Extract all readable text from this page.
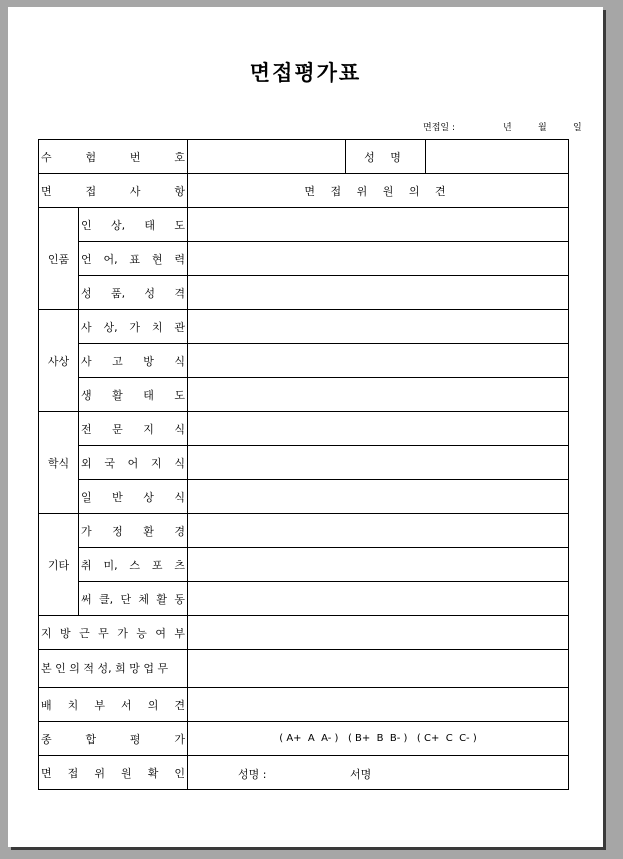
면접평가표
면접일 :	년	월	일
수 험 번 호			성 명	
면 접 사 항		면 접 위 원 의 견		
인품	인 상, 태 도			
	언 어, 표 현 력			
	성 품, 성 격			
사상	사 상, 가 치 관			
	사 고 방 식			
	생 활 태 도			
학식	전 문 지 식			
	외 국 어 지 식			
	일 반 상 식			
기타	가 정 환 경			
	취 미, 스 포 츠			
	써 클, 단 체 활 동			
지 방 근 무 가 능 여 부				
본 인 의 적 성, 희 망 업 무				
배 치 부 서 의 견				
종 합 평 가		( A+  A  A- )   ( B+  B  B- )   ( C+  C  C- )		
면 접 위 원 확 인		성명 : 서명		
